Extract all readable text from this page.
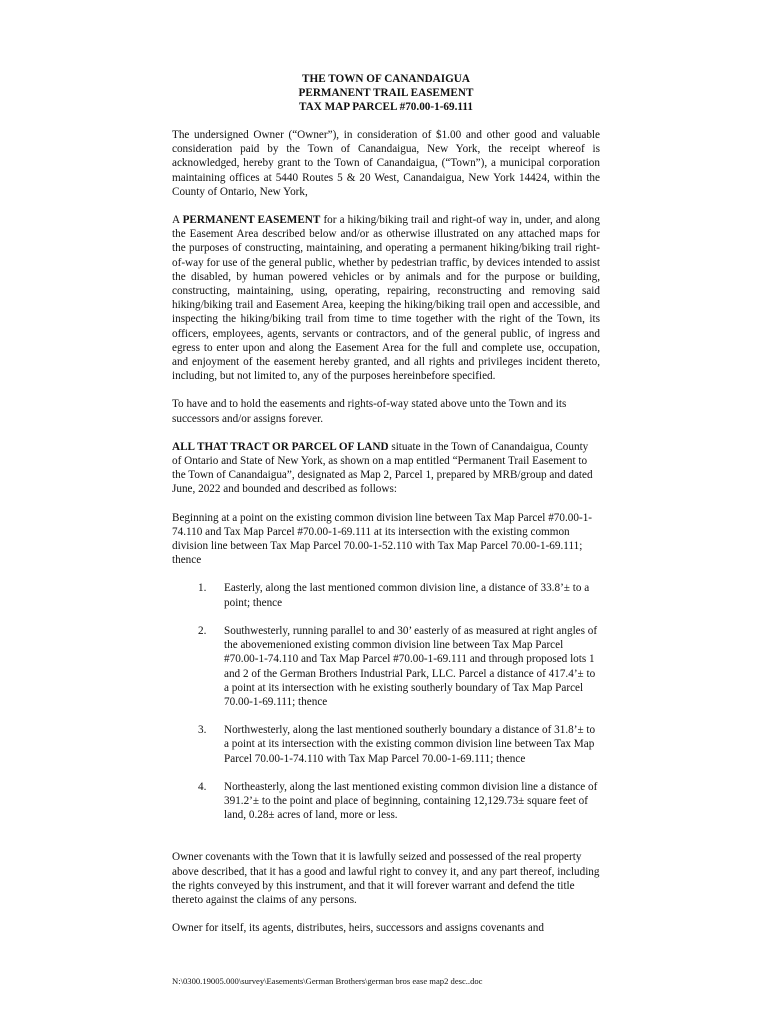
THE TOWN OF CANANDAIGUA
PERMANENT TRAIL EASEMENT
TAX MAP PARCEL #70.00-1-69.111

The undersigned Owner (“Owner”), in consideration of $1.00 and other good and valuable consideration paid by the Town of Canandaigua, New York, the receipt whereof is acknowledged, hereby grant to the Town of Canandaigua, (“Town”), a municipal corporation maintaining offices at 5440 Routes 5 & 20 West, Canandaigua, New York 14424, within the County of Ontario, New York,

A PERMANENT EASEMENT for a hiking/biking trail and right-of way in, under, and along the Easement Area described below and/or as otherwise illustrated on any attached maps for the purposes of constructing, maintaining, and operating a permanent hiking/biking trail right-of-way for use of the general public, whether by pedestrian traffic, by devices intended to assist the disabled, by human powered vehicles or by animals and for the purpose or building, constructing, maintaining, using, operating, repairing, reconstructing and removing said hiking/biking trail and Easement Area, keeping the hiking/biking trail open and accessible, and inspecting the hiking/biking trail from time to time together with the right of the Town, its officers, employees, agents, servants or contractors, and of the general public, of ingress and egress to enter upon and along the Easement Area for the full and complete use, occupation, and enjoyment of the easement hereby granted, and all rights and privileges incident thereto, including, but not limited to, any of the purposes hereinbefore specified.

To have and to hold the easements and rights-of-way stated above unto the Town and its successors and/or assigns forever.

ALL THAT TRACT OR PARCEL OF LAND situate in the Town of Canandaigua, County of Ontario and State of New York, as shown on a map entitled “Permanent Trail Easement to the Town of Canandaigua”, designated as Map 2, Parcel 1, prepared by MRB/group and dated June, 2022 and bounded and described as follows:

Beginning at a point on the existing common division line between Tax Map Parcel #70.00-1-74.110 and Tax Map Parcel #70.00-1-69.111 at its intersection with the existing common division line between Tax Map Parcel 70.00-1-52.110 with Tax Map Parcel 70.00-1-69.111; thence

1.	Easterly, along the last mentioned common division line, a distance of 33.8’± to a point; thence
2.	Southwesterly, running parallel to and 30’ easterly of as measured at right angles of the abovemenioned existing common division line between Tax Map Parcel #70.00-1-74.110 and Tax Map Parcel #70.00-1-69.111 and through proposed lots 1 and 2 of the German Brothers Industrial Park, LLC. Parcel a distance of 417.4’± to a point at its intersection with he existing southerly boundary of Tax Map Parcel 70.00-1-69.111; thence
3.	Northwesterly, along the last mentioned southerly boundary a distance of 31.8’± to a point at its intersection with the existing common division line between Tax Map Parcel 70.00-1-74.110 with Tax Map Parcel 70.00-1-69.111; thence
4.	Northeasterly, along the last mentioned existing common division line a distance of 391.2’± to the point and place of beginning, containing 12,129.73± square feet of land, 0.28± acres of land, more or less.

Owner covenants with the Town that it is lawfully seized and possessed of the real property above described, that it has a good and lawful right to convey it, and any part thereof, including the rights conveyed by this instrument, and that it will forever warrant and defend the title thereto against the claims of any persons.

Owner for itself, its agents, distributes, heirs, successors and assigns covenants and

N:\0300.19005.000\survey\Easements\German Brothers\german bros ease map2 desc..doc
